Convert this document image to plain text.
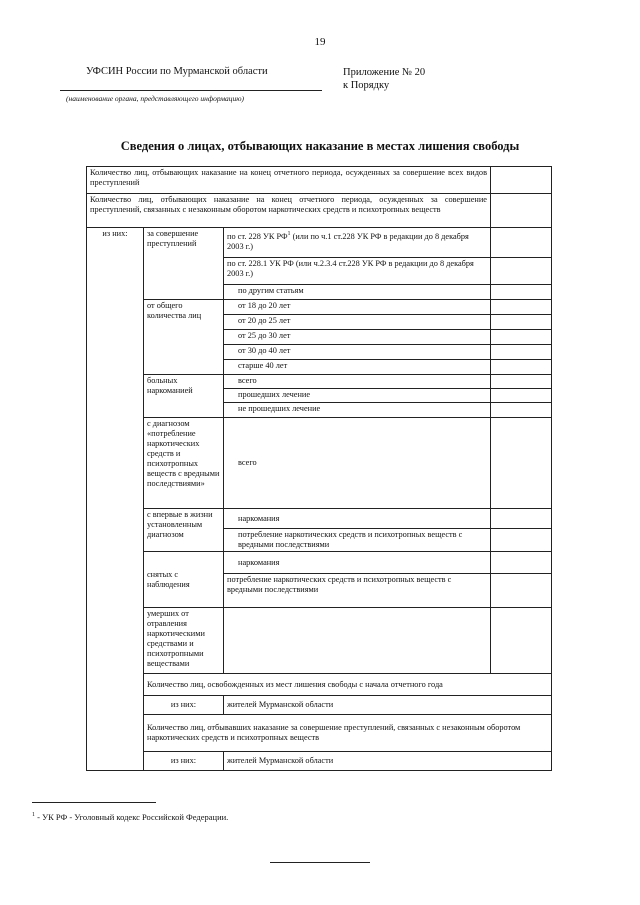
19
УФСИН России по Мурманской области
(наименование органа, представляющего информацию)
Приложение № 20
к Порядку
Сведения о лицах, отбывающих наказание в местах лишения свободы
Количество лиц, отбывающих наказание на конец отчетного периода, осужденных за совершение всех видов преступлений				
Количество лиц, отбывающих наказание на конец отчетного периода, осужденных за совершение преступлений, связанных с незаконным оборотом наркотических средств и психотропных веществ				
из них:	за совершение преступлений	по ст. 228 УК $РФ^1$ (или по ч.1 ст.228 УК РФ в редакции до 8 декабря 2003 г.)		
		по ст. 228.1 УК РФ (или ч.2.3.4 ст.228 УК РФ в редакции до 8 декабря 2003 г.)		
		по другим статьям		
	от общего количества лиц	от 18 до 20 лет		
		от 20 до 25 лет		
		от 25 до 30 лет		
		от 30 до 40 лет		
		старше 40 лет		
	больных наркоманией	всего		
		прошедших лечение		
		не прошедших лечение		
	с диагнозом «потребление наркотических средств и психотропных веществ с вредными последствиями»	всего		
	с впервые в жизни установленным диагнозом	наркомания		
		потребление наркотических средств и психотропных веществ с вредными последствиями		
	снятых с наблюдения	наркомания		
		потребление наркотических средств и психотропных веществ с вредными последствиями		
	умерших от отравления наркотическими средствами и психотропными веществами			
	Количество лиц, освобожденных из мест лишения свободы с начала отчетного года			
	из них:	жителей Мурманской области		
	Количество лиц, отбывавших наказание за совершение преступлений, связанных с незаконным оборотом наркотических средств и психотропных веществ			
	из них:	жителей Мурманской области		
$^1$ - УК РФ - Уголовный кодекс Российской Федерации.
